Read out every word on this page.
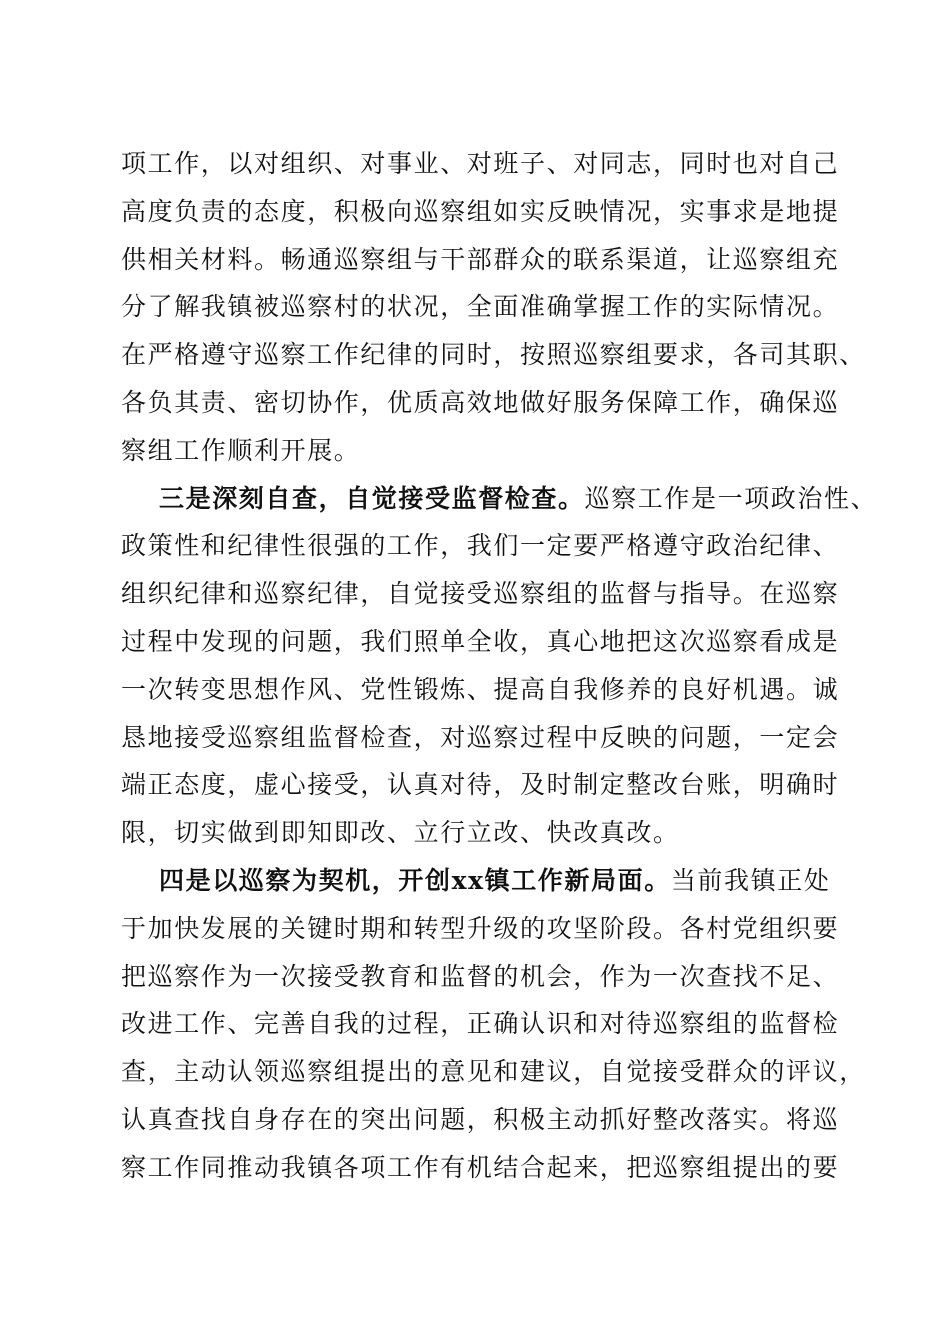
项工作，以对组织、对事业、对班子、对同志，同时也对自己
高度负责的态度，积极向巡察组如实反映情况，实事求是地提
供相关材料。畅通巡察组与干部群众的联系渠道，让巡察组充
分了解我镇被巡察村的状况，全面准确掌握工作的实际情况。
在严格遵守巡察工作纪律的同时，按照巡察组要求，各司其职、
各负其责、密切协作，优质高效地做好服务保障工作，确保巡
察组工作顺利开展。
三是深刻自查，自觉接受监督检查。巡察工作是一项政治性、
政策性和纪律性很强的工作，我们一定要严格遵守政治纪律、
组织纪律和巡察纪律，自觉接受巡察组的监督与指导。在巡察
过程中发现的问题，我们照单全收，真心地把这次巡察看成是
一次转变思想作风、党性锻炼、提高自我修养的良好机遇。诚
恳地接受巡察组监督检查，对巡察过程中反映的问题，一定会
端正态度，虚心接受，认真对待，及时制定整改台账，明确时
限，切实做到即知即改、立行立改、快改真改。
四是以巡察为契机，开创xx镇工作新局面。当前我镇正处
于加快发展的关键时期和转型升级的攻坚阶段。各村党组织要
把巡察作为一次接受教育和监督的机会，作为一次查找不足、
改进工作、完善自我的过程，正确认识和对待巡察组的监督检
查，主动认领巡察组提出的意见和建议，自觉接受群众的评议，
认真查找自身存在的突出问题，积极主动抓好整改落实。将巡
察工作同推动我镇各项工作有机结合起来，把巡察组提出的要
